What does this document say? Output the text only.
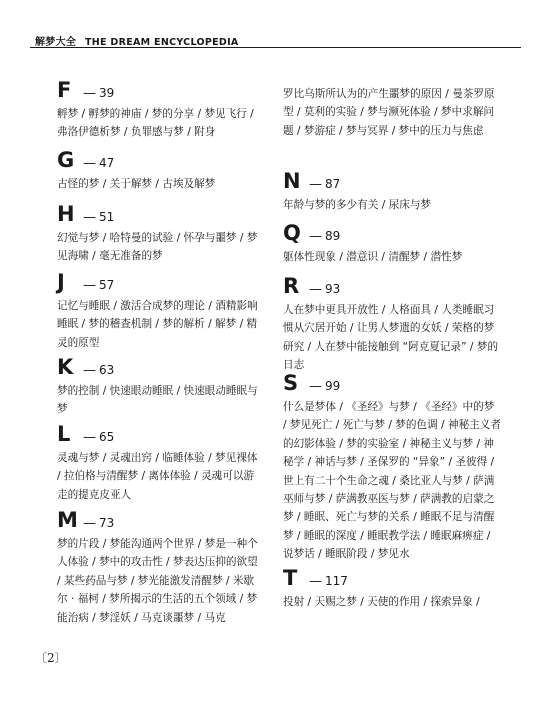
解梦大全 THE DREAM ENCYCLOPEDIA
F — 39
孵梦 / 孵梦的神庙 / 梦的分享 / 梦见飞行 / 弗洛伊德析梦 / 负罪感与梦 / 附身
G — 47
古怪的梦 / 关于解梦 / 古埃及解梦
H — 51
幻觉与梦 / 哈特曼的试验 / 怀孕与噩梦 / 梦见海啸 / 毫无准备的梦
J	— 57
记忆与睡眠 / 激活合成梦的理论 / 酒精影响睡眠 / 梦的稽查机制 / 梦的解析 / 解梦 / 精灵的原型
K — 63
梦的控制 / 快速眼动睡眠 / 快速眼动睡眠与梦
L — 65
灵魂与梦 / 灵魂出窍 / 临睡体验 / 梦见裸体 / 拉伯格与清醒梦 / 离体体验 / 灵魂可以游走的提克皮亚人
M — 73
梦的片段 / 梦能沟通两个世界 / 梦是一种个人体验 / 梦中的攻击性 / 梦表达压抑的欲望 / 某些药品与梦 / 梦光能激发清醒梦 / 米歇尔 · 福柯 / 梦所揭示的生活的五个领域 / 梦能治病 / 梦淫妖 / 马克谈噩梦 / 马克
罗比乌斯所认为的产生噩梦的原因 / 曼茶罗原型 / 莫利的实验 / 梦与濒死体验 / 梦中求解问题 / 梦游症 / 梦与冥界 / 梦中的压力与焦虑
N — 87
年龄与梦的多少有关 / 尿床与梦
Q — 89
躯体性现象 / 潜意识 / 清醒梦 / 潜性梦
R — 93
人在梦中更具开放性 / 人格面具 / 人类睡眠习惯从穴居开始 / 让男人梦遗的女妖 / 荣格的梦研究 / 人在梦中能接触到 “阿克夏记录” / 梦的日志
S — 99
什么是梦体 / 《圣经》与梦 / 《圣经》中的梦 / 梦见死亡 / 死亡与梦 / 梦的色调 / 神秘主义者的幻影体验 / 梦的实验室 / 神秘主义与梦 / 神秘学 / 神话与梦 / 圣保罗的 “异象” / 圣彼得 / 世上有二十个生命之魂 / 桑比亚人与梦 / 萨满巫师与梦 / 萨满教巫医与梦 / 萨满教的启蒙之梦 / 睡眠、死亡与梦的关系 / 睡眠不足与清醒梦 / 睡眠的深度 / 睡眠教学法 / 睡眠麻痹症 / 说梦话 / 睡眠阶段 / 梦见水
T — 117
投射 / 天赐之梦 / 天使的作用 / 探索异象 /
〔2〕
